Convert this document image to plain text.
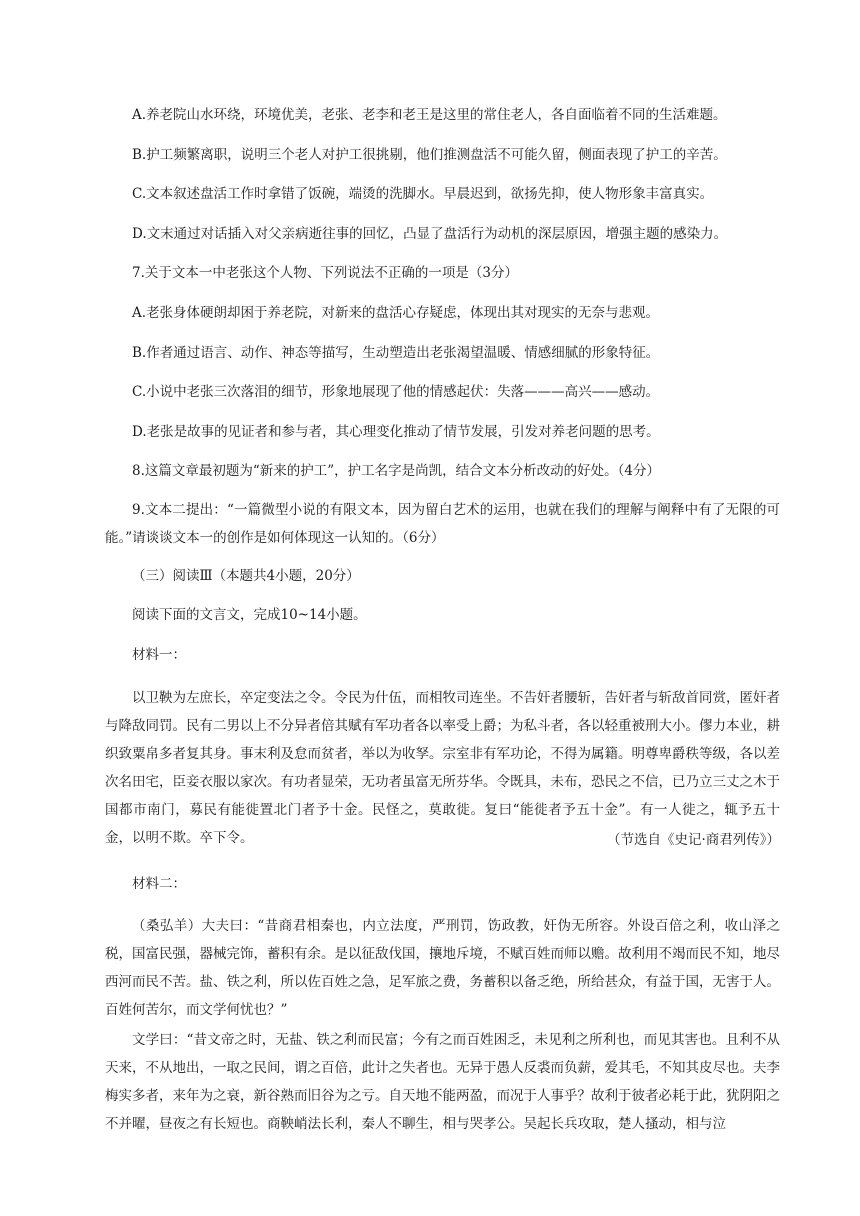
A.养老院山水环绕，环境优美，老张、老李和老王是这里的常住老人，各自面临着不同的生活难题。

B.护工频繁离职，说明三个老人对护工很挑剔，他们推测盘活不可能久留，侧面表现了护工的辛苦。

C.文本叙述盘活工作时拿错了饭碗，端烫的洗脚水。早晨迟到，欲扬先抑，使人物形象丰富真实。

D.文末通过对话插入对父亲病逝往事的回忆，凸显了盘活行为动机的深层原因，增强主题的感染力。

7.关于文本一中老张这个人物、下列说法不正确的一项是（3分）

A.老张身体硬朗却困于养老院，对新来的盘活心存疑虑，体现出其对现实的无奈与悲观。

B.作者通过语言、动作、神态等描写，生动塑造出老张渴望温暖、情感细腻的形象特征。

C.小说中老张三次落泪的细节，形象地展现了他的情感起伏：失落———高兴——感动。

D.老张是故事的见证者和参与者，其心理变化推动了情节发展，引发对养老问题的思考。

8.这篇文章最初题为“新来的护工”，护工名字是尚凯，结合文本分析改动的好处。（4分）

9.文本二提出：“一篇微型小说的有限文本，因为留白艺术的运用，也就在我们的理解与阐释中有了无限的可能。”请谈谈文本一的创作是如何体现这一认知的。（6分）

（三）阅读Ⅲ（本题共4小题，20分）

阅读下面的文言文，完成10~14小题。

材料一：

以卫鞅为左庶长，卒定变法之令。令民为什伍，而相牧司连坐。不告奸者腰斩，告奸者与斩敌首同赏，匿奸者与降敌同罚。民有二男以上不分异者倍其赋有军功者各以率受上爵；为私斗者，各以轻重被刑大小。僇力本业，耕织致粟帛多者复其身。事末利及怠而贫者，举以为收孥。宗室非有军功论，不得为属籍。明尊卑爵秩等级，各以差次名田宅，臣妾衣服以家次。有功者显荣，无功者虽富无所芬华。令既具，未布，恐民之不信，已乃立三丈之木于国都市南门，募民有能徙置北门者予十金。民怪之，莫敢徙。复曰“能徙者予五十金”。有一人徙之，辄予五十金，以明不欺。卒下令。	（节选自《史记·商君列传》）

材料二：

（桑弘羊）大夫曰：“昔商君相秦也，内立法度，严刑罚，饬政教，奸伪无所容。外设百倍之利，收山泽之税，国富民强，器械完饰，蓄积有余。是以征敌伐国，攘地斥境，不赋百姓而师以赡。故利用不竭而民不知，地尽西河而民不苦。盐、铁之利，所以佐百姓之急，足军旅之费，务蓄积以备乏绝，所给甚众，有益于国，无害于人。百姓何苦尔，而文学何忧也？”

文学曰：“昔文帝之时，无盐、铁之利而民富；今有之而百姓困乏，未见利之所利也，而见其害也。且利不从天来，不从地出，一取之民间，谓之百倍，此计之失者也。无异于愚人反裘而负薪，爱其毛，不知其皮尽也。夫李梅实多者，来年为之衰，新谷熟而旧谷为之亏。自天地不能两盈，而况于人事乎？故利于彼者必耗于此，犹阴阳之不并曜，昼夜之有长短也。商鞅峭法长利，秦人不聊生，相与哭孝公。吴起长兵攻取，楚人搔动，相与泣
